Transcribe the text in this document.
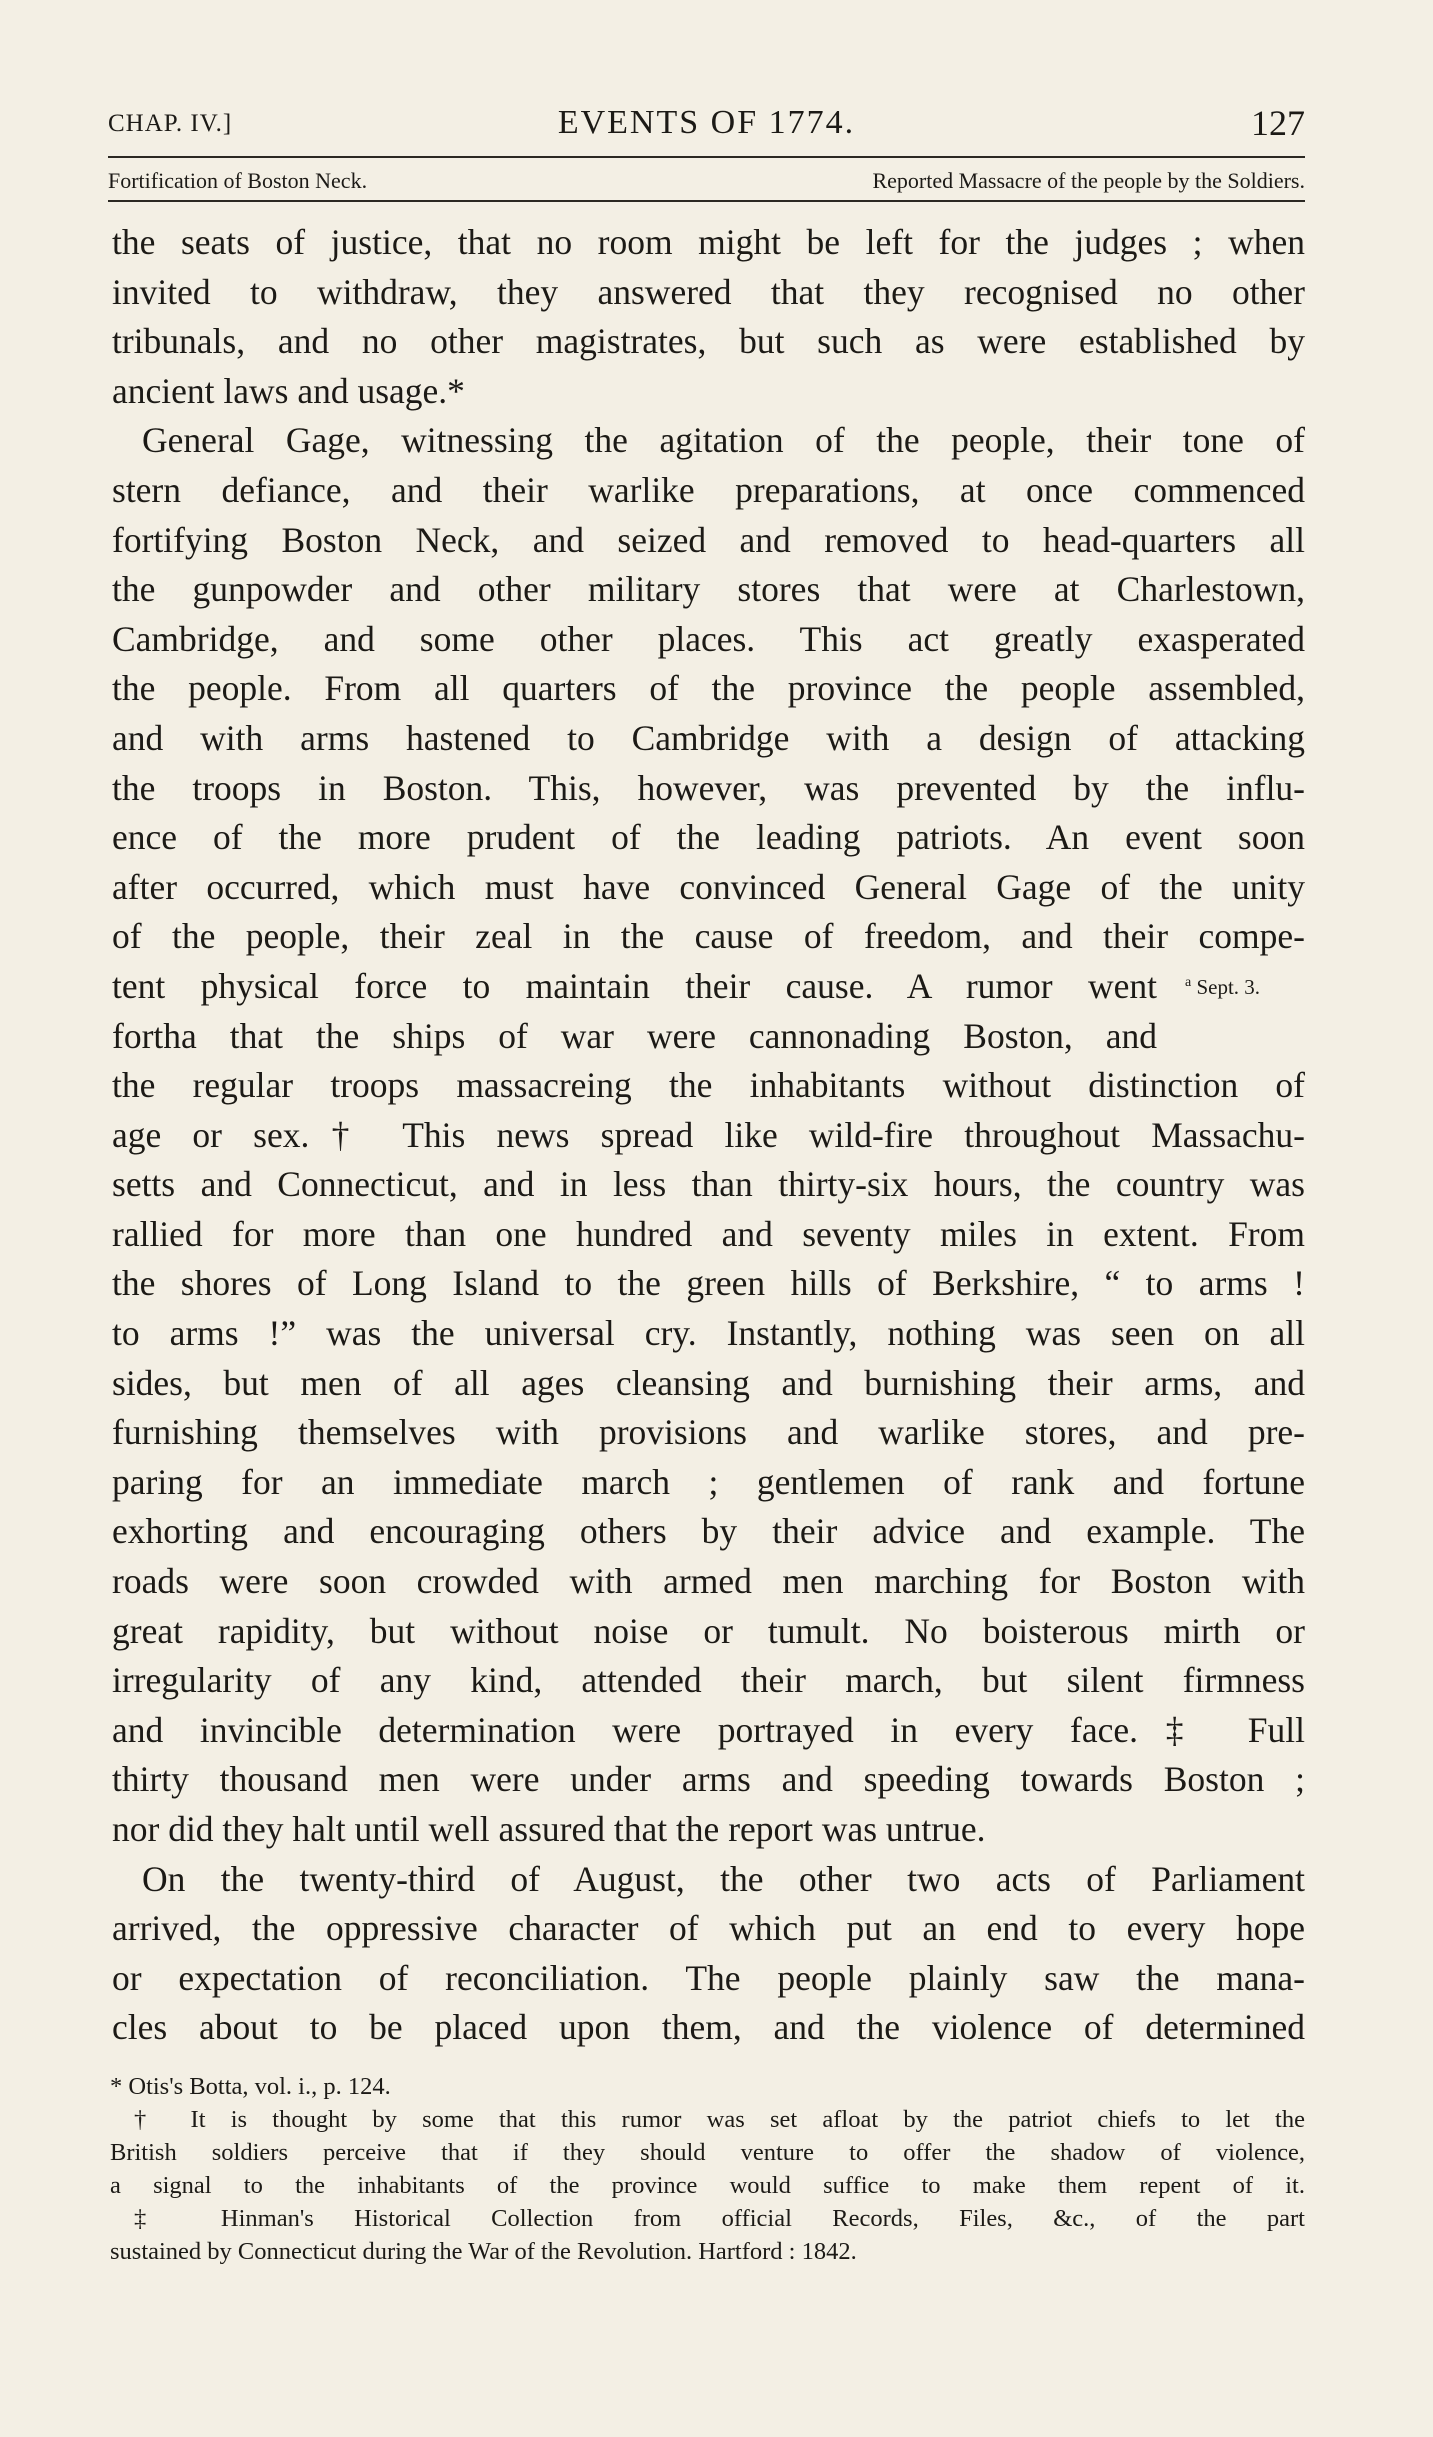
CHAP. IV.]	EVENTS OF 1774.	127
Fortification of Boston Neck.	Reported Massacre of the people by the Soldiers.
the seats of justice, that no room might be left for the judges ; when
invited to withdraw, they answered that they recognised no other
tribunals, and no other magistrates, but such as were established by
ancient laws and usage.*
General Gage, witnessing the agitation of the people, their tone of
stern defiance, and their warlike preparations, at once commenced
fortifying Boston Neck, and seized and removed to head-quarters all
the gunpowder and other military stores that were at Charlestown,
Cambridge, and some other places. This act greatly exasperated
the people. From all quarters of the province the people assembled,
and with arms hastened to Cambridge with a design of attacking
the troops in Boston. This, however, was prevented by the influ-
ence of the more prudent of the leading patriots. An event soon
after occurred, which must have convinced General Gage of the unity
of the people, their zeal in the cause of freedom, and their compe-
tent physical force to maintain their cause. A rumor went
fortha that the ships of war were cannonading Boston, and
the regular troops massacreing the inhabitants without distinction of
age or sex.† This news spread like wild-fire throughout Massachu-
setts and Connecticut, and in less than thirty-six hours, the country was
rallied for more than one hundred and seventy miles in extent. From
the shores of Long Island to the green hills of Berkshire, “ to arms !
to arms !” was the universal cry. Instantly, nothing was seen on all
sides, but men of all ages cleansing and burnishing their arms, and
furnishing themselves with provisions and warlike stores, and pre-
paring for an immediate march ; gentlemen of rank and fortune
exhorting and encouraging others by their advice and example. The
roads were soon crowded with armed men marching for Boston with
great rapidity, but without noise or tumult. No boisterous mirth or
irregularity of any kind, attended their march, but silent firmness
and invincible determination were portrayed in every face.‡ Full
thirty thousand men were under arms and speeding towards Boston ;
nor did they halt until well assured that the report was untrue.
On the twenty-third of August, the other two acts of Parliament
arrived, the oppressive character of which put an end to every hope
or expectation of reconciliation. The people plainly saw the mana-
cles about to be placed upon them, and the violence of determined
$^a$ Sept. 3.
* Otis's Botta, vol. i., p. 124.
† It is thought by some that this rumor was set afloat by the patriot chiefs to let the
British soldiers perceive that if they should venture to offer the shadow of violence,
a signal to the inhabitants of the province would suffice to make them repent of it.
‡ Hinman's Historical Collection from official Records, Files, &c., of the part
sustained by Connecticut during the War of the Revolution. Hartford : 1842.
